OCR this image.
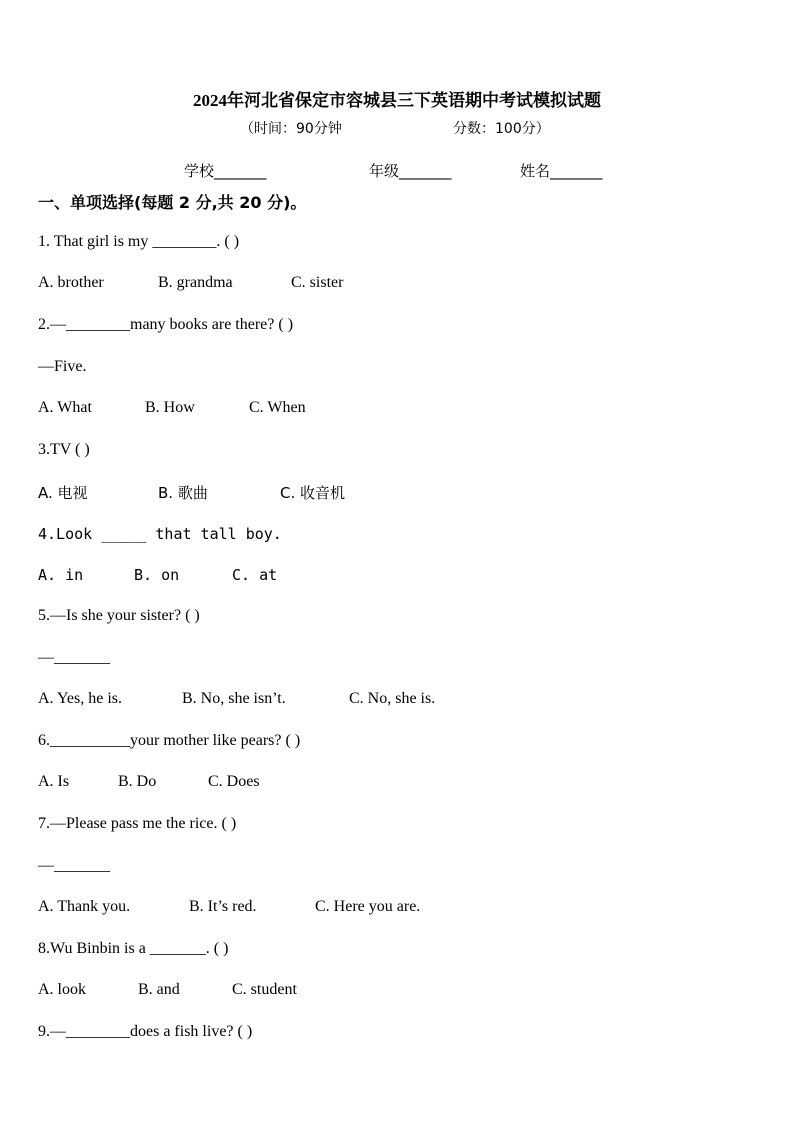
2024年河北省保定市容城县三下英语期中考试模拟试题
（时间：90分钟	分数：100分）
学校_______	年级_______	姓名_______
一、单项选择(每题 2 分,共 20 分)。
1. That girl is my ________. ( )
A. brother	B. grandma	C. sister
2.—________many books are there? ( )
—Five.
A. What	B. How	C. When
3.TV ( )
A. 电视	B. 歌曲	C. 收音机
4.Look _____ that tall boy.
A. in	B. on	C. at
5.—Is she your sister? ( )
—_______
A. Yes, he is.	B. No, she isn’t.	C. No, she is.
6.__________your mother like pears? ( )
A. Is	B. Do	C. Does
7.—Please pass me the rice. ( )
—_______
A. Thank you.	B. It’s red.	C. Here you are.
8.Wu Binbin is a _______. ( )
A. look	B. and	C. student
9.—________does a fish live? ( )
